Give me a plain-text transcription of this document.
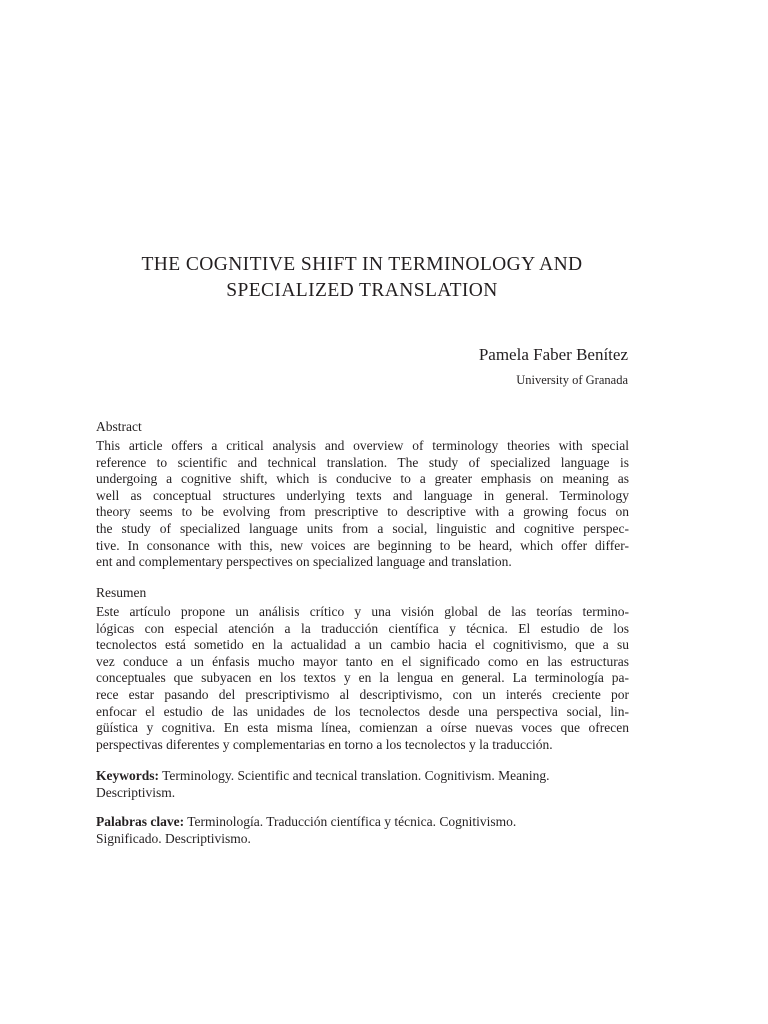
THE COGNITIVE SHIFT IN TERMINOLOGY AND
SPECIALIZED TRANSLATION
Pamela Faber Benítez
University of Granada

Abstract

This article offers a critical analysis and overview of terminology theories with special
reference to scientific and technical translation. The study of specialized language is
undergoing a cognitive shift, which is conducive to a greater emphasis on meaning as
well as conceptual structures underlying texts and language in general. Terminology
theory seems to be evolving from prescriptive to descriptive with a growing focus on
the study of specialized language units from a social, linguistic and cognitive perspec-
tive. In consonance with this, new voices are beginning to be heard, which offer differ-
ent and complementary perspectives on specialized language and translation.

Resumen

Este artículo propone un análisis crítico y una visión global de las teorías termino-
lógicas con especial atención a la traducción científica y técnica. El estudio de los
tecnolectos está sometido en la actualidad a un cambio hacia el cognitivismo, que a su
vez conduce a un énfasis mucho mayor tanto en el significado como en las estructuras
conceptuales que subyacen en los textos y en la lengua en general. La terminología pa-
rece estar pasando del prescriptivismo al descriptivismo, con un interés creciente por
enfocar el estudio de las unidades de los tecnolectos desde una perspectiva social, lin-
güística y cognitiva. En esta misma línea, comienzan a oírse nuevas voces que ofrecen
perspectivas diferentes y complementarias en torno a los tecnolectos y la traducción.

Keywords: Terminology. Scientific and tecnical translation. Cognitivism. Meaning.
Descriptivism.

Palabras clave: Terminología. Traducción científica y técnica. Cognitivismo.
Significado. Descriptivismo.
